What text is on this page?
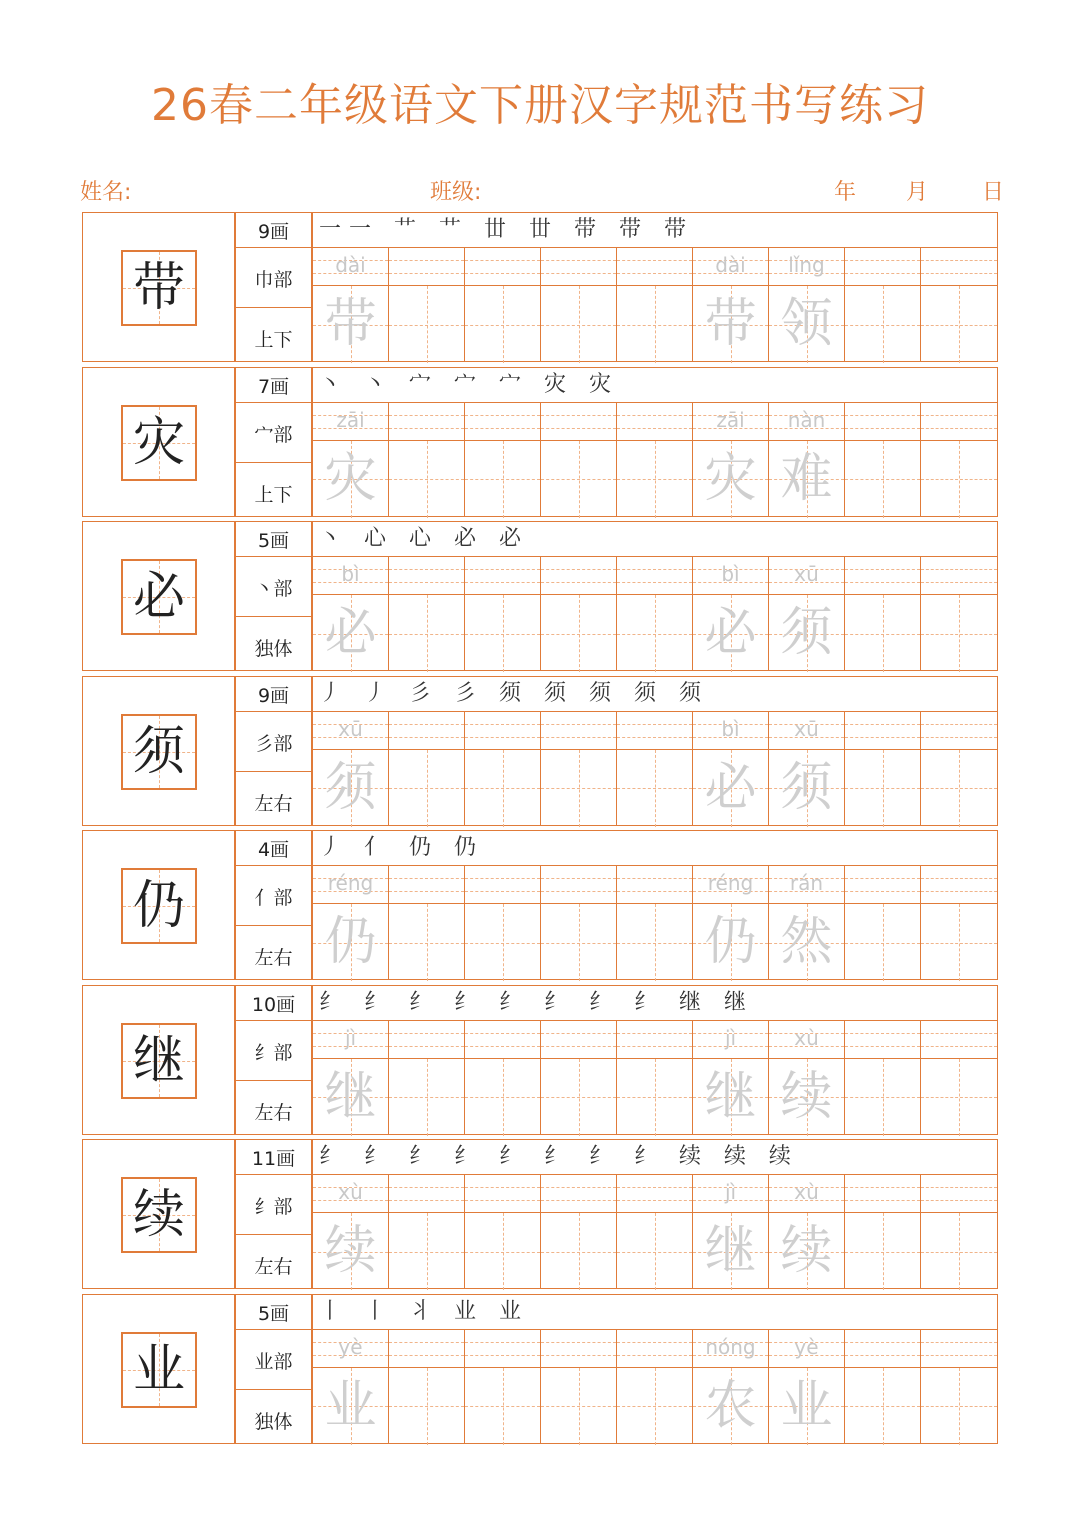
26春二年级语文下册汉字规范书写练习
姓名:	班级:	年 月 日
带
9画
巾部
上下
一一 艹 艹 丗 丗 带 带 带
dài
带
dài
带
lǐng
领
灾
7画
宀部
上下
丶 丶 宀 宀 宀 灾 灾
zāi
灾
zāi
灾
nàn
难
必
5画
丶部
独体
丶 心 心 必 必
bì
必
bì
必
xū
须
须
9画
彡部
左右
丿 丿 彡 彡 须 须 须 须 须
xū
须
bì
必
xū
须
仍
4画
亻部
左右
丿 亻 仍 仍
réng
仍
réng
仍
rán
然
继
10画
纟部
左右
纟 纟 纟 纟 纟 纟 纟 纟 继 继
jì
继
jì
继
xù
续
续
11画
纟部
左右
纟 纟 纟 纟 纟 纟 纟 纟 续 续 续
xù
续
jì
继
xù
续
业
5画
业部
独体
丨 丨 丬 业 业
yè
业
nóng
农
yè
业
